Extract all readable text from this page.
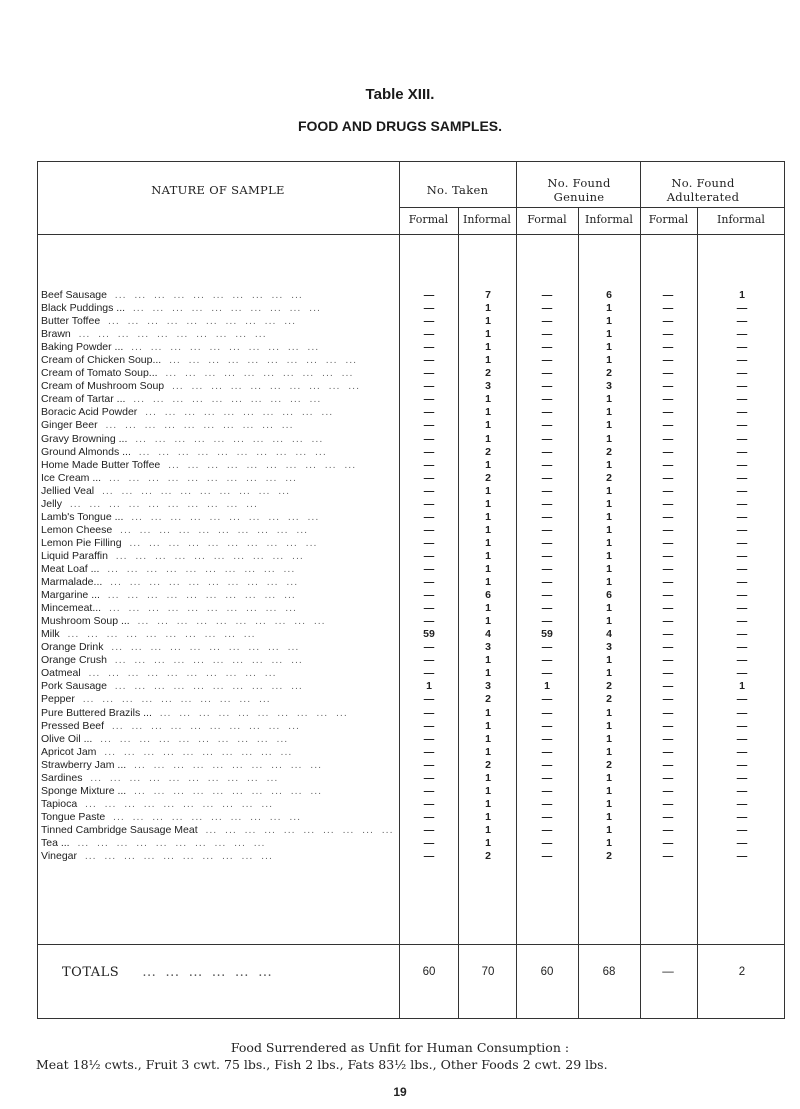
Table XIII.
FOOD AND DRUGS SAMPLES.
NATURE OF SAMPLE	No. Taken	No. Found Genuine
No. Found Adulterated
Formal	Informal	Formal	Informal	Formal	Informal
Beef Sausage  ...  ...  ...  ...  ...  ...  ...  ...  ...  ...	—	7	—	6	—	1
Black Puddings ...  ...  ...  ...  ...  ...  ...  ...  ...  ...  ...	—	1	—	1	—	—
Butter Toffee  ...  ...  ...  ...  ...  ...  ...  ...  ...  ...	—	1	—	1	—	—
Brawn  ...  ...  ...  ...  ...  ...  ...  ...  ...  ...	—	1	—	1	—	—
Baking Powder ...  ...  ...  ...  ...  ...  ...  ...  ...  ...  ...	—	1	—	1	—	—
Cream of Chicken Soup...  ...  ...  ...  ...  ...  ...  ...  ...  ...  ...	—	1	—	1	—	—
Cream of Tomato Soup...  ...  ...  ...  ...  ...  ...  ...  ...  ...  ...	—	2	—	2	—	—
Cream of Mushroom Soup  ...  ...  ...  ...  ...  ...  ...  ...  ...  ...	—	3	—	3	—	—
Cream of Tartar ...  ...  ...  ...  ...  ...  ...  ...  ...  ...  ...	—	1	—	1	—	—
Boracic Acid Powder  ...  ...  ...  ...  ...  ...  ...  ...  ...  ...	—	1	—	1	—	—
Ginger Beer  ...  ...  ...  ...  ...  ...  ...  ...  ...  ...	—	1	—	1	—	—
Gravy Browning ...  ...  ...  ...  ...  ...  ...  ...  ...  ...  ...	—	1	—	1	—	—
Ground Almonds ...  ...  ...  ...  ...  ...  ...  ...  ...  ...  ...	—	2	—	2	—	—
Home Made Butter Toffee  ...  ...  ...  ...  ...  ...  ...  ...  ...  ...	—	1	—	1	—	—
Ice Cream ...  ...  ...  ...  ...  ...  ...  ...  ...  ...  ...	—	2	—	2	—	—
Jellied Veal  ...  ...  ...  ...  ...  ...  ...  ...  ...  ...	—	1	—	1	—	—
Jelly  ...  ...  ...  ...  ...  ...  ...  ...  ...  ...	—	1	—	1	—	—
Lamb's Tongue ...  ...  ...  ...  ...  ...  ...  ...  ...  ...  ...	—	1	—	1	—	—
Lemon Cheese  ...  ...  ...  ...  ...  ...  ...  ...  ...  ...	—	1	—	1	—	—
Lemon Pie Filling  ...  ...  ...  ...  ...  ...  ...  ...  ...  ...	—	1	—	1	—	—
Liquid Paraffin  ...  ...  ...  ...  ...  ...  ...  ...  ...  ...	—	1	—	1	—	—
Meat Loaf ...  ...  ...  ...  ...  ...  ...  ...  ...  ...  ...	—	1	—	1	—	—
Marmalade...  ...  ...  ...  ...  ...  ...  ...  ...  ...  ...	—	1	—	1	—	—
Margarine ...  ...  ...  ...  ...  ...  ...  ...  ...  ...  ...	—	6	—	6	—	—
Mincemeat...  ...  ...  ...  ...  ...  ...  ...  ...  ...  ...	—	1	—	1	—	—
Mushroom Soup ...  ...  ...  ...  ...  ...  ...  ...  ...  ...  ...	—	1	—	1	—	—
Milk  ...  ...  ...  ...  ...  ...  ...  ...  ...  ...	59	4	59	4	—	—
Orange Drink  ...  ...  ...  ...  ...  ...  ...  ...  ...  ...	—	3	—	3	—	—
Orange Crush  ...  ...  ...  ...  ...  ...  ...  ...  ...  ...	—	1	—	1	—	—
Oatmeal  ...  ...  ...  ...  ...  ...  ...  ...  ...  ...	—	1	—	1	—	—
Pork Sausage  ...  ...  ...  ...  ...  ...  ...  ...  ...  ...	1	3	1	2	—	1
Pepper  ...  ...  ...  ...  ...  ...  ...  ...  ...  ...	—	2	—	2	—	—
Pure Buttered Brazils ...  ...  ...  ...  ...  ...  ...  ...  ...  ...  ...	—	1	—	1	—	—
Pressed Beef  ...  ...  ...  ...  ...  ...  ...  ...  ...  ...	—	1	—	1	—	—
Olive Oil ...  ...  ...  ...  ...  ...  ...  ...  ...  ...  ...	—	1	—	1	—	—
Apricot Jam  ...  ...  ...  ...  ...  ...  ...  ...  ...  ...	—	1	—	1	—	—
Strawberry Jam ...  ...  ...  ...  ...  ...  ...  ...  ...  ...  ...	—	2	—	2	—	—
Sardines  ...  ...  ...  ...  ...  ...  ...  ...  ...  ...	—	1	—	1	—	—
Sponge Mixture ...  ...  ...  ...  ...  ...  ...  ...  ...  ...  ...	—	1	—	1	—	—
Tapioca  ...  ...  ...  ...  ...  ...  ...  ...  ...  ...	—	1	—	1	—	—
Tongue Paste  ...  ...  ...  ...  ...  ...  ...  ...  ...  ...	—	1	—	1	—	—
Tinned Cambridge Sausage Meat  ...  ...  ...  ...  ...  ...  ...  ...  ...  ...	—	1	—	1	—	—
Tea ...  ...  ...  ...  ...  ...  ...  ...  ...  ...  ...	—	1	—	1	—	—
Vinegar  ...  ...  ...  ...  ...  ...  ...  ...  ...  ...	—	2	—	2	—	—
TOTALS     ...  ...  ...  ...  ...  ...	60	70	60	68	—	2
Food Surrendered as Unfit for Human Consumption :
Meat 18½ cwts., Fruit 3 cwt. 75 lbs., Fish 2 lbs., Fats 83½ lbs., Other Foods 2 cwt. 29 lbs.
19
